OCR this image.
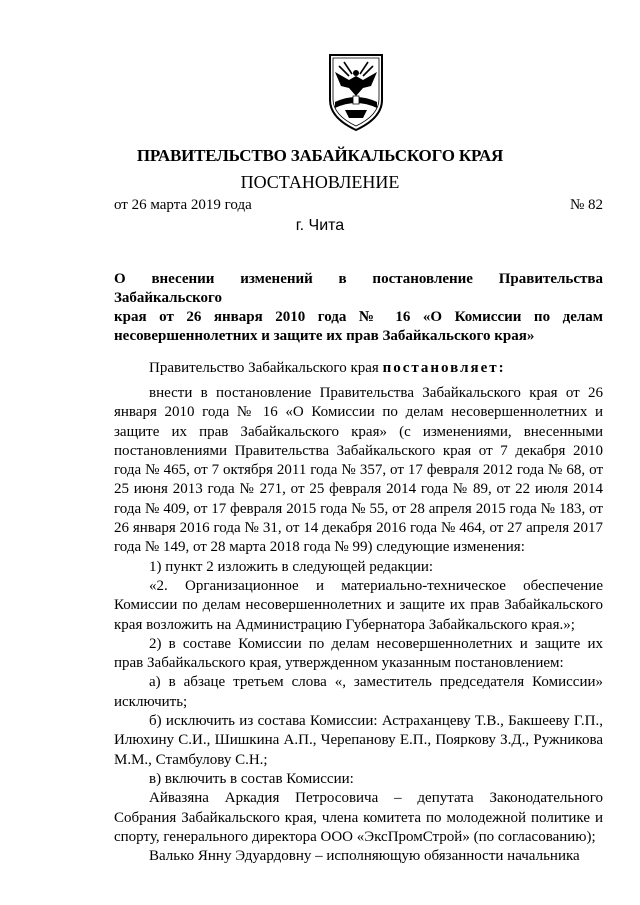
ПРАВИТЕЛЬСТВО ЗАБАЙКАЛЬСКОГО КРАЯ
ПОСТАНОВЛЕНИЕ
от 26 марта 2019 года	№ 82
г. Чита
О внесении изменений в постановление Правительства Забайкальского
края от 26 января 2010 года № 16 «О Комиссии по делам
несовершеннолетних и защите их прав Забайкальского края»
Правительство Забайкальского края постановляет:

внести в постановление Правительства Забайкальского края от 26 января 2010 года № 16 «О Комиссии по делам несовершеннолетних и защите их прав Забайкальского края» (с изменениями, внесенными постановлениями Правительства Забайкальского края от 7 декабря 2010 года № 465, от 7 октября 2011 года № 357, от 17 февраля 2012 года № 68, от 25 июня 2013 года № 271, от 25 февраля 2014 года № 89, от 22 июля 2014 года № 409, от 17 февраля 2015 года № 55, от 28 апреля 2015 года № 183, от 26 января 2016 года № 31, от 14 декабря 2016 года № 464, от 27 апреля 2017 года № 149, от 28 марта 2018 года № 99) следующие изменения:

1) пункт 2 изложить в следующей редакции:

«2. Организационное и материально-техническое обеспечение Комиссии по делам несовершеннолетних и защите их прав Забайкальского края возложить на Администрацию Губернатора Забайкальского края.»;

2) в составе Комиссии по делам несовершеннолетних и защите их прав Забайкальского края, утвержденном указанным постановлением:

а) в абзаце третьем слова «, заместитель председателя Комиссии» исключить;

б) исключить из состава Комиссии: Астраханцеву Т.В., Бакшееву Г.П., Илюхину С.И., Шишкина А.П., Черепанову Е.П., Пояркову З.Д., Ружникова М.М., Стамбулову С.Н.;

в) включить в состав Комиссии:

Айвазяна Аркадия Петросовича – депутата Законодательного Собрания Забайкальского края, члена комитета по молодежной политике и спорту, генерального директора ООО «ЭксПромСтрой» (по согласованию);

Валько Янну Эдуардовну – исполняющую обязанности начальника
